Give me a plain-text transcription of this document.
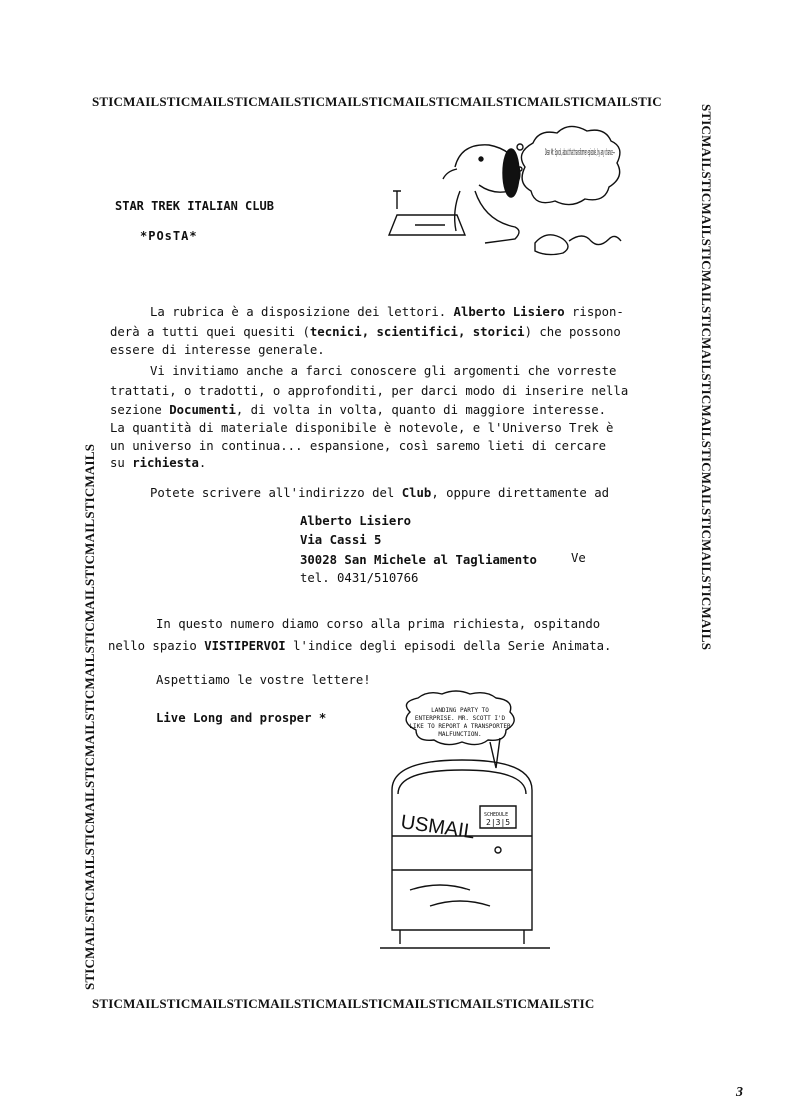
STICMAILSTICMAILSTICMAILSTICMAILSTICMAILSTICMAILSTICMAILSTICMAILSTIC
STICMAILSTICMAILSTICMAILSTICMAILSTICMAILSTICMAILSTICMAILSTIC
STICMAILSTICMAILSTICMAILSTICMAILSTICMAILSTICMAILSTICMAILSTICMAILS
STICMAILSTICMAILSTICMAILSTICMAILSTICMAILSTICMAILSTICMAILSTICMAILS
STAR TREK ITALIAN CLUB
*POsTA*
Dear Mr. Spock, about that transformer episode, by any chance—
La rubrica è a disposizione dei lettori. Alberto Lisiero rispon-
derà a tutti quei quesiti (tecnici, scientifici, storici) che possono
essere di interesse generale.
Vi invitiamo anche a farci conoscere gli argomenti che vorreste
trattati, o tradotti, o approfonditi, per darci modo di inserire nella
sezione Documenti, di volta in volta, quanto di maggiore interesse.
La quantità di materiale disponibile è notevole, e l'Universo Trek è
un universo in continua... espansione, così saremo lieti di cercare
su richiesta.
Potete scrivere all'indirizzo del Club, oppure direttamente ad
Alberto Lisiero
Via Cassi 5
30028 San Michele al Tagliamento	Ve
tel. 0431/510766
In questo numero diamo corso alla prima richiesta, ospitando
nello spazio VISTIPERVOI l'indice degli episodi della Serie Animata.
Aspettiamo le vostre lettere!
Live Long and prosper *
LANDING PARTY TO
ENTERPRISE. MR. SCOTT I'D
LIKE TO REPORT A TRANSPORTER
MALFUNCTION.
USMAIL SCHEDULE
2|3|5
3
